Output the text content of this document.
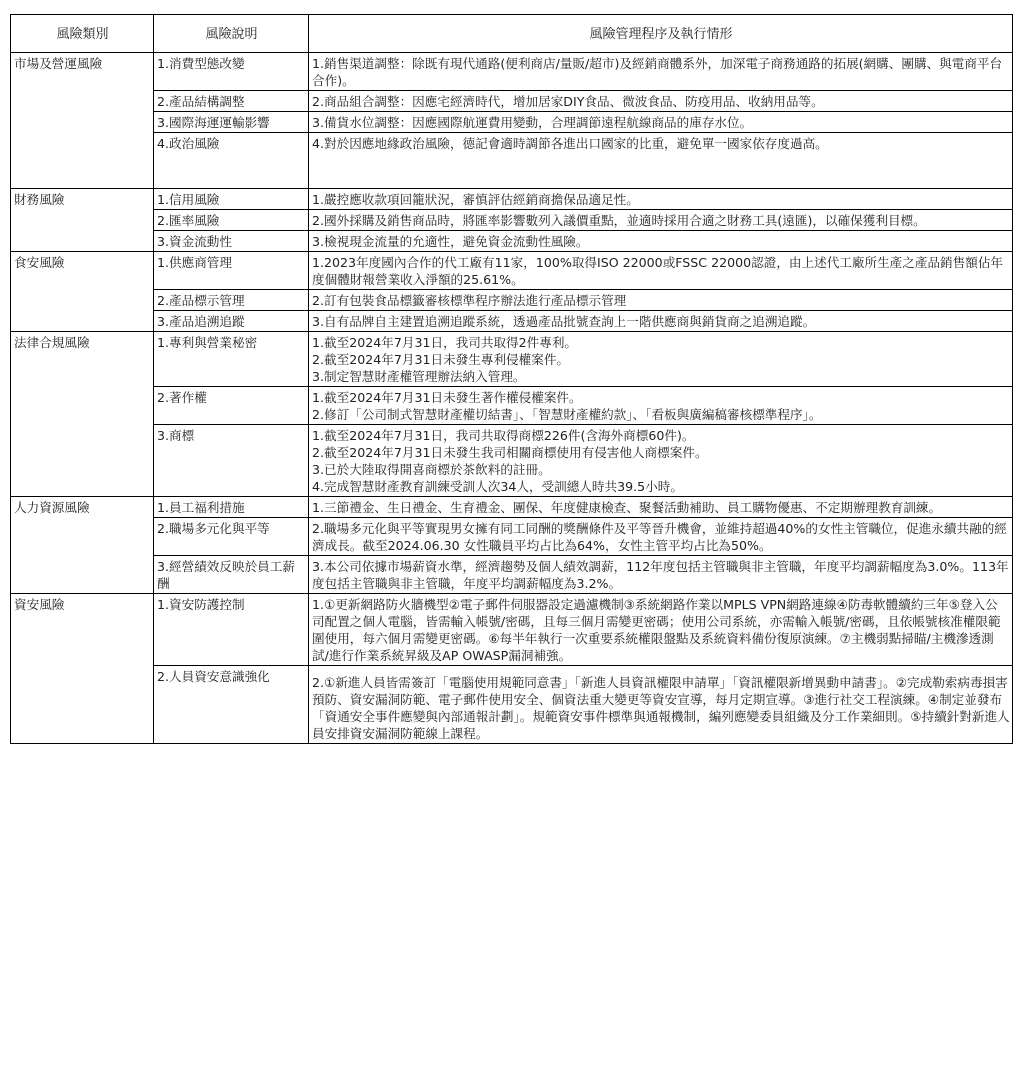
風險類別	風險說明	風險管理程序及執行情形
市場及營運風險	1.消費型態改變	1.銷售渠道調整：除既有現代通路(便利商店/量販/超市)及經銷商體系外，加深電子商務通路的拓展(網購、團購、與電商平台合作)。

	2.產品結構調整	2.商品組合調整：因應宅經濟時代，增加居家DIY食品、微波食品、防疫用品、收納用品等。

	3.國際海運運輸影響	3.備貨水位調整：因應國際航運費用變動，合理調節遠程航線商品的庫存水位。

	4.政治風險	4.對於因應地緣政治風險，德記會適時調節各進出口國家的比重，避免單一國家依存度過高。

財務風險	1.信用風險	1.嚴控應收款項回籠狀況，審慎評估經銷商擔保品適足性。

	2.匯率風險	2.國外採購及銷售商品時，將匯率影響數列入議價重點，並適時採用合適之財務工具(遠匯)，以確保獲利目標。

	3.資金流動性	3.檢視現金流量的允適性，避免資金流動性風險。

食安風險	1.供應商管理	1.2023年度國內合作的代工廠有11家，100%取得ISO 22000或FSSC 22000認證，由上述代工廠所生產之產品銷售額佔年度個體財報營業收入淨額的25.61%。

	2.產品標示管理	2.訂有包裝食品標籤審核標準程序辦法進行產品標示管理

	3.產品追溯追蹤	3.自有品牌自主建置追溯追蹤系統，透過產品批號查詢上一階供應商與銷貨商之追溯追蹤。

法律合規風險	1.專利與營業秘密	1.截至2024年7月31日，我司共取得2件專利。
2.截至2024年7月31日未發生專利侵權案件。
3.制定智慧財產權管理辦法納入管理。

	2.著作權	1.截至2024年7月31日未發生著作權侵權案件。
2.修訂「公司制式智慧財產權切結書」、「智慧財產權約款」、「看板與廣編稿審核標準程序」。

	3.商標	1.截至2024年7月31日，我司共取得商標226件(含海外商標60件)。
2.截至2024年7月31日未發生我司相關商標使用有侵害他人商標案件。
3.已於大陸取得開喜商標於茶飲料的註冊。
4.完成智慧財產教育訓練受訓人次34人，受訓總人時共39.5小時。

人力資源風險	1.員工福利措施	1.三節禮金、生日禮金、生育禮金、團保、年度健康檢查、聚餐活動補助、員工購物優惠、不定期辦理教育訓練。

	2.職場多元化與平等	2.職場多元化與平等實現男女擁有同工同酬的獎酬條件及平等晉升機會，並維持超過40%的女性主管職位，促進永續共融的經濟成長。截至2024.06.30 女性職員平均占比為64%，女性主管平均占比為50%。

	3.經營績效反映於員工薪酬	3.本公司依據市場薪資水準，經濟趨勢及個人績效調薪，112年度包括主管職與非主管職，年度平均調薪幅度為3.0%。113年度包括主管職與非主管職，年度平均調薪幅度為3.2%。

資安風險	1.資安防護控制	1.①更新網路防火牆機型②電子郵件伺服器設定過濾機制③系統網路作業以MPLS VPN網路連線④防毒軟體續約三年⑤登入公司配置之個人電腦，皆需輸入帳號/密碼，且每三個月需變更密碼；使用公司系統，亦需輸入帳號/密碼，且依帳號核准權限範圍使用，每六個月需變更密碼。⑥每半年執行一次重要系統權限盤點及系統資料備份復原演練。⑦主機弱點掃瞄/主機滲透測試/進行作業系統昇級及AP OWASP漏洞補強。

	2.人員資安意識強化	2.①新進人員皆需簽訂「電腦使用規範同意書」「新進人員資訊權限申請單」「資訊權限新增異動申請書」。②完成勒索病毒損害預防、資安漏洞防範、電子郵件使用安全、個資法重大變更等資安宣導，每月定期宣導。③進行社交工程演練。④制定並發布「資通安全事件應變與內部通報計劃」。規範資安事件標準與通報機制，編列應變委員組織及分工作業細則。⑤持續針對新進人員安排資安漏洞防範線上課程。
